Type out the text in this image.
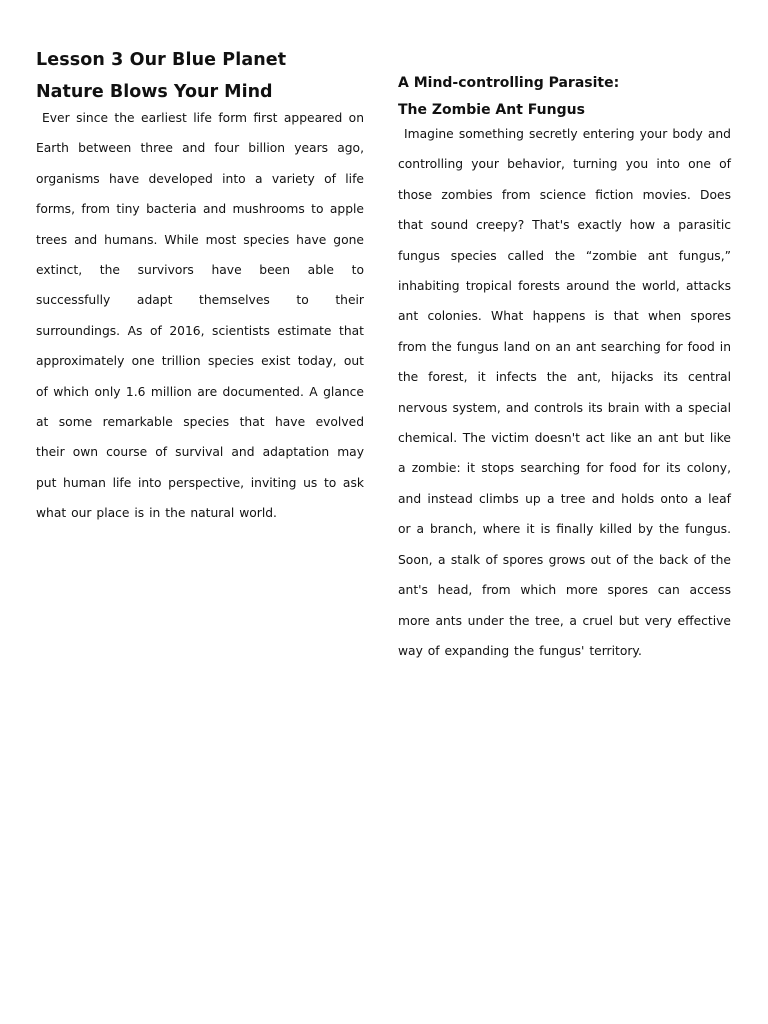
Lesson 3 Our Blue Planet
Nature Blows Your Mind

Ever since the earliest life form first appeared on Earth between three and four billion years ago, organisms have developed into a variety of life forms, from tiny bacteria and mushrooms to apple trees and humans. While most species have gone extinct, the survivors have been able to successfully adapt themselves to their surroundings. As of 2016, scientists estimate that approximately one trillion species exist today, out of which only 1.6 million are documented. A glance at some remarkable species that have evolved their own course of survival and adaptation may put human life into perspective, inviting us to ask what our place is in the natural world.

A Mind-controlling Parasite:
The Zombie Ant Fungus

Imagine something secretly entering your body and controlling your behavior, turning you into one of those zombies from science fiction movies. Does that sound creepy? That's exactly how a parasitic fungus species called the “zombie ant fungus,” inhabiting tropical forests around the world, attacks ant colonies. What happens is that when spores from the fungus land on an ant searching for food in the forest, it infects the ant, hijacks its central nervous system, and controls its brain with a special chemical. The victim doesn't act like an ant but like a zombie: it stops searching for food for its colony, and instead climbs up a tree and holds onto a leaf or a branch, where it is finally killed by the fungus. Soon, a stalk of spores grows out of the back of the ant's head, from which more spores can access more ants under the tree, a cruel but very effective way of expanding the fungus' territory.
